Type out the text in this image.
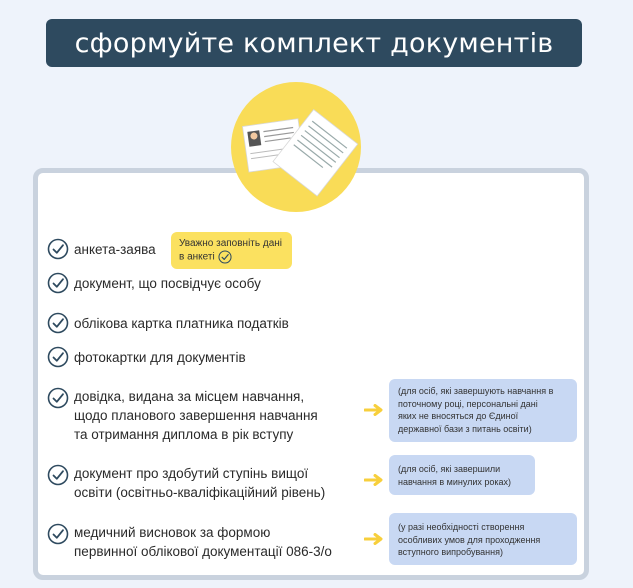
сформуйте комплект документів
анкета-заява	Уважно заповніть дані в анкеті
документ, що посвідчує особу
облікова картка платника податків
фотокартки для документів
довідка, видана за місцем навчання,
щодо планового завершення навчання
та отримання диплома в рік вступу
(для осіб, які завершують навчання в
поточному році, персональні дані
яких не вносяться до Єдиної
державної бази з питань освіти)
документ про здобутий ступінь вищої
освіти (освітньо-кваліфікаційний рівень)
(для осіб, які завершили
навчання в минулих роках)
медичний висновок за формою
первинної облікової документації 086-3/о
(у разі необхідності створення
особливих умов для проходження
вступного випробування)
